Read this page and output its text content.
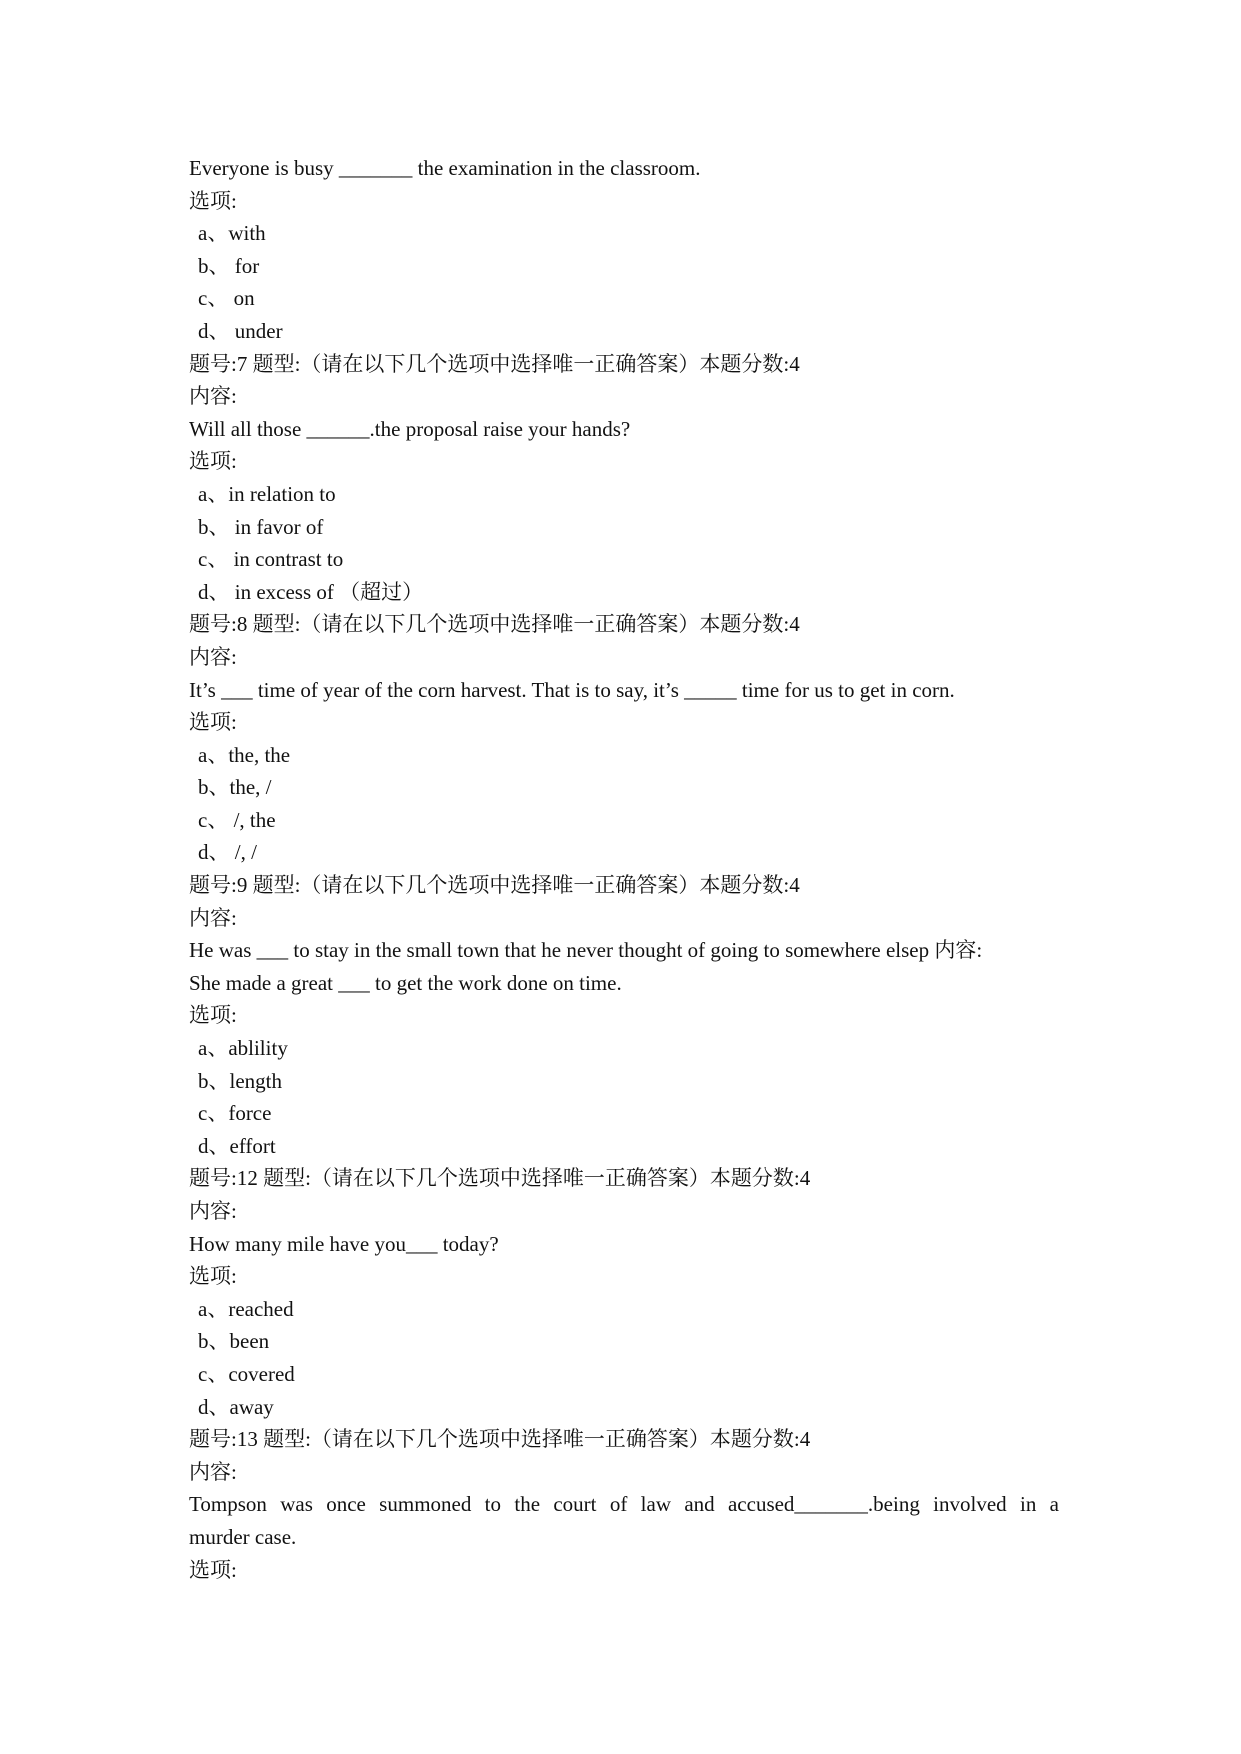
Everyone is busy _______ the examination in the classroom.
选项:
a、with
b、 for
c、 on
d、 under
题号:7 题型:（请在以下几个选项中选择唯一正确答案）本题分数:4
内容:
Will all those ______.the proposal raise your hands?
选项:
a、in relation to
b、 in favor of
c、 in contrast to
d、 in excess of （超过）
题号:8 题型:（请在以下几个选项中选择唯一正确答案）本题分数:4
内容:
It’s ___ time of year of the corn harvest. That is to say, it’s _____ time for us to get in corn.
选项:
a、the, the
b、the, /
c、 /, the
d、 /, /
题号:9 题型:（请在以下几个选项中选择唯一正确答案）本题分数:4
内容:
He was ___ to stay in the small town that he never thought of going to somewhere elsep 内容:
She made a great ___ to get the work done on time.
选项:
a、ablility
b、length
c、force
d、effort
题号:12 题型:（请在以下几个选项中选择唯一正确答案）本题分数:4
内容:
How many mile have you___ today?
选项:
a、reached
b、been
c、covered
d、away
题号:13 题型:（请在以下几个选项中选择唯一正确答案）本题分数:4
内容:
Tompson was once summoned to the court of law and accused_______.being involved in a
murder case.
选项:
